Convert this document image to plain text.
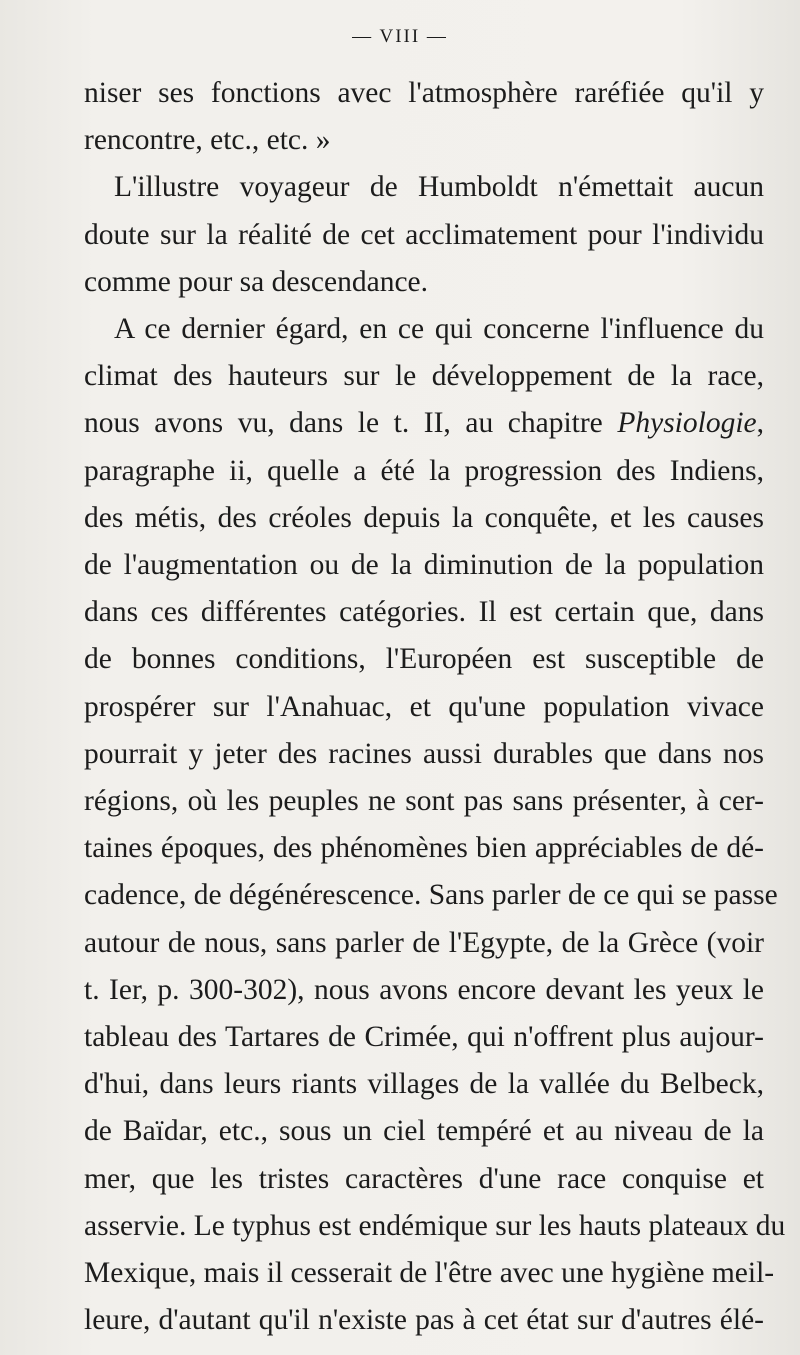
— VIII —
niser ses fonctions avec l'atmosphère raréfiée qu'il y
rencontre, etc., etc. »
L'illustre voyageur de Humboldt n'émettait aucun
doute sur la réalité de cet acclimatement pour l'individu
comme pour sa descendance.
A ce dernier égard, en ce qui concerne l'influence du
climat des hauteurs sur le développement de la race,
nous avons vu, dans le t. II, au chapitre Physiologie,
paragraphe ii, quelle a été la progression des Indiens,
des métis, des créoles depuis la conquête, et les causes
de l'augmentation ou de la diminution de la population
dans ces différentes catégories. Il est certain que, dans
de bonnes conditions, l'Européen est susceptible de
prospérer sur l'Anahuac, et qu'une population vivace
pourrait y jeter des racines aussi durables que dans nos
régions, où les peuples ne sont pas sans présenter, à cer-
taines époques, des phénomènes bien appréciables de dé-
cadence, de dégénérescence. Sans parler de ce qui se passe
autour de nous, sans parler de l'Egypte, de la Grèce (voir
t. Ier, p. 300-302), nous avons encore devant les yeux le
tableau des Tartares de Crimée, qui n'offrent plus aujour-
d'hui, dans leurs riants villages de la vallée du Belbeck,
de Baïdar, etc., sous un ciel tempéré et au niveau de la
mer, que les tristes caractères d'une race conquise et
asservie. Le typhus est endémique sur les hauts plateaux du
Mexique, mais il cesserait de l'être avec une hygiène meil-
leure, d'autant qu'il n'existe pas à cet état sur d'autres élé-
